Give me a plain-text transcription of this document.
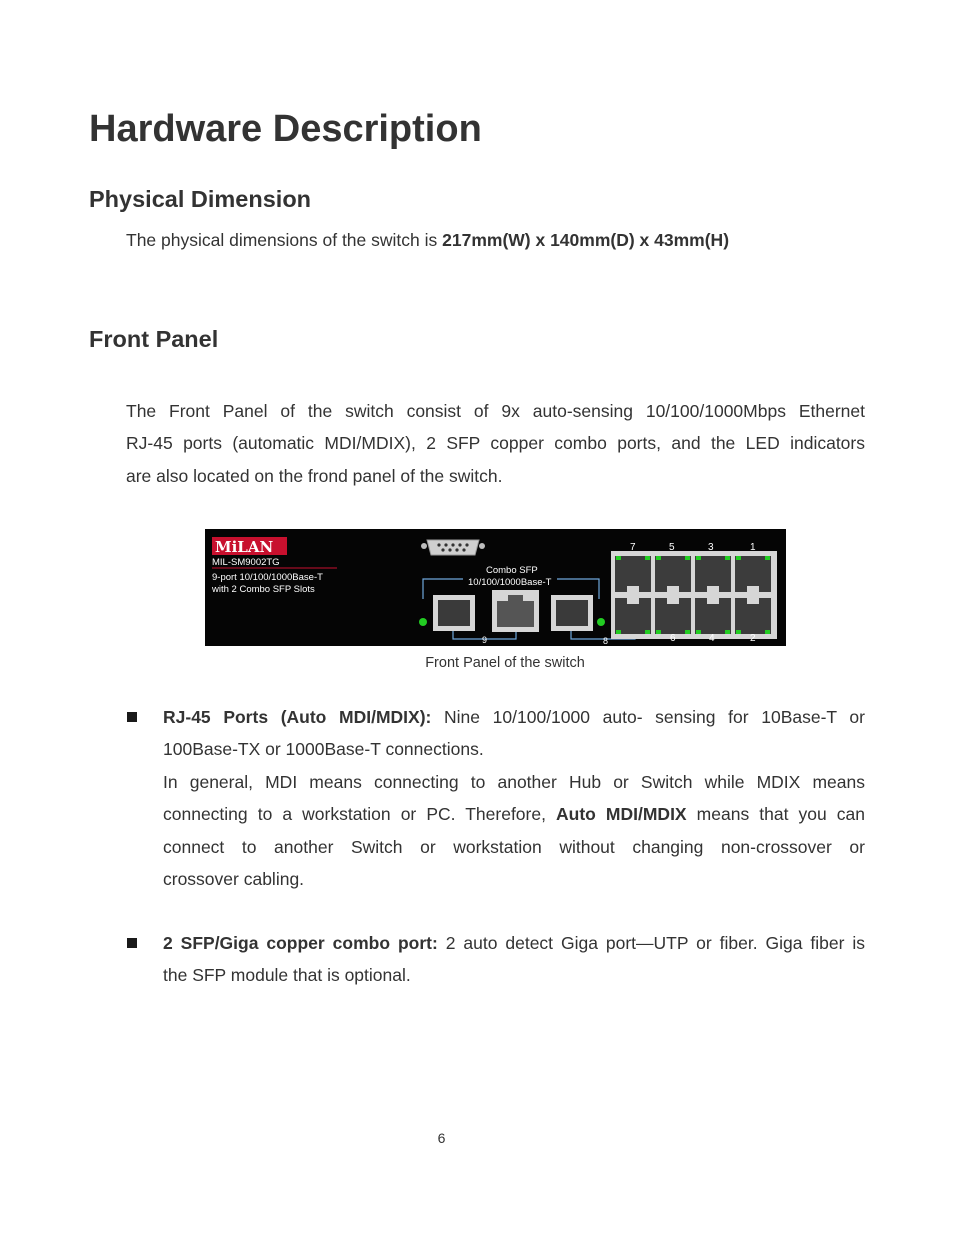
Hardware Description
Physical Dimension

The physical dimensions of the switch is 217mm(W) x 140mm(D) x 43mm(H)

Front Panel
The Front Panel of the switch consist of 9x auto-sensing 10/100/1000Mbps Ethernet
RJ-45 ports (automatic MDI/MDIX), 2 SFP copper combo ports, and the LED indicators
are also located on the frond panel of the switch.
MiLAN
MIL-SM9002TG
9-port 10/100/1000Base-T
with 2 Combo SFP Slots
Combo SFP
10/100/1000Base-T
9	8
7	5	3	1
6	4	2
Front Panel of the switch
RJ-45 Ports (Auto MDI/MDIX): Nine 10/100/1000 auto- sensing for 10Base-T or
100Base-TX or 1000Base-T connections.
In general, MDI means connecting to another Hub or Switch while MDIX means
connecting to a workstation or PC. Therefore, Auto MDI/MDIX means that you can
connect to another Switch or workstation without changing non-crossover or
crossover cabling.
2 SFP/Giga copper combo port: 2 auto detect Giga port—UTP or fiber. Giga fiber is
the SFP module that is optional.
6
